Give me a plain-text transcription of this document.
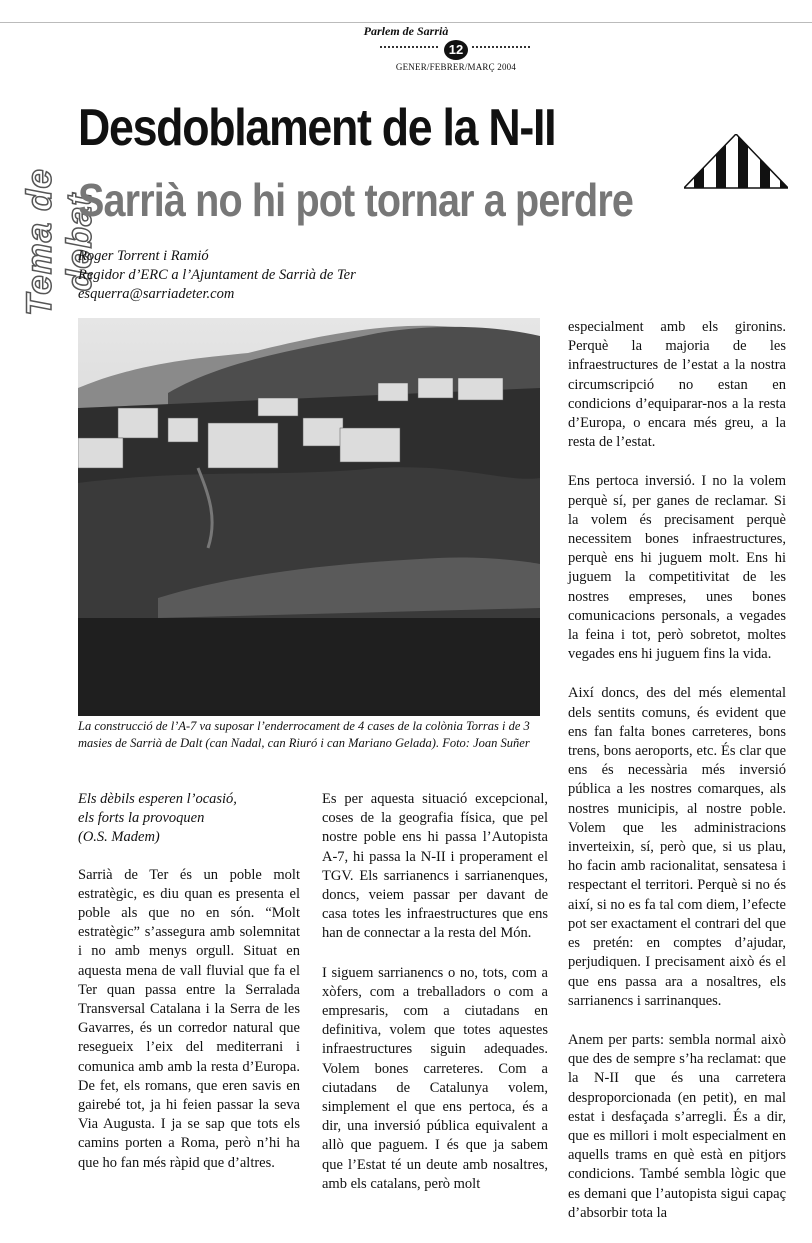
Parlem de Sarrià
12
GENER/FEBRER/MARÇ 2004
Tema de debat
Desdoblament de la N-II
Sarrià no hi pot tornar a perdre
Roger Torrent i Ramió
Regidor d’ERC a l’Ajuntament de Sarrià de Ter
esquerra@sarriadeter.com
La construcció de l’A-7 va suposar l’enderrocament de 4 cases de la colònia Torras i de 3 masies de Sarrià de Dalt (can Nadal, can Riuró i can Mariano Gelada). Foto: Joan Suñer

Els dèbils esperen l’ocasió,
els forts la provoquen
(O.S. Madem)

Sarrià de Ter és un poble molt estratègic, es diu quan es presenta el poble als que no en són. “Molt estratègic” s’assegura amb solemnitat i no amb menys orgull. Situat en aquesta mena de vall fluvial que fa el Ter quan passa entre la Serralada Transversal Catalana i la Serra de les Gavarres, és un corredor natural que resegueix l’eix del mediterrani i comunica amb amb la resta d’Europa. De fet, els romans, que eren savis en gairebé tot, ja hi feien passar la seva Via Augusta. I ja se sap que tots els camins porten a Roma, però n’hi ha que ho fan més ràpid que d’altres.

Es per aquesta situació excepcional, coses de la geografia física, que pel nostre poble ens hi passa l’Autopista A-7, hi passa la N-II i properament el TGV. Els sarrianencs i sarrianenques, doncs, veiem passar per davant de casa totes les infraestructures que ens han de connectar a la resta del Món.

I siguem sarrianencs o no, tots, com a xòfers, com a treballadors o com a empresaris, com a ciutadans en definitiva, volem que totes aquestes infraestructures siguin adequades. Volem bones carreteres. Com a ciutadans de Catalunya volem, simplement el que ens pertoca, és a dir, una inversió pública equivalent a allò que paguem. I és que ja sabem que l’Estat té un deute amb nosaltres, amb els catalans, però molt

especialment amb els gironins. Perquè la majoria de les infraestructures de l’estat a la nostra circumscripció no estan en condicions d’equiparar-nos a la resta d’Europa, o encara més greu, a la resta de l’estat.

Ens pertoca inversió. I no la volem perquè sí, per ganes de reclamar. Si la volem és precisament perquè necessitem bones infraestructures, perquè ens hi juguem molt. Ens hi juguem la competitivitat de les nostres empreses, unes bones comunicacions personals, a vegades la feina i tot, però sobretot, moltes vegades ens hi juguem fins la vida.

Així doncs, des del més elemental dels sentits comuns, és evident que ens fan falta bones carreteres, bons trens, bons aeroports, etc. És clar que ens és necessària més inversió pública a les nostres comarques, als nostres municipis, al nostre poble. Volem que les administracions inverteixin, sí, però que, si us plau, ho facin amb racionalitat, sensatesa i respectant el territori. Perquè si no és així, si no es fa tal com diem, l’efecte pot ser exactament el contrari del que es pretén: en comptes d’ajudar, perjudiquen. I precisament això és el que ens passa ara a nosaltres, els sarrianencs i sarrinanques.

Anem per parts: sembla normal això que des de sempre s’ha reclamat: que la N-II que és una carretera desproporcionada (en petit), en mal estat i desfaçada s’arregli. És a dir, que es millori i molt especialment en aquells trams en què està en pitjors condicions. També sembla lògic que es demani que l’autopista sigui capaç d’absorbir tota la
